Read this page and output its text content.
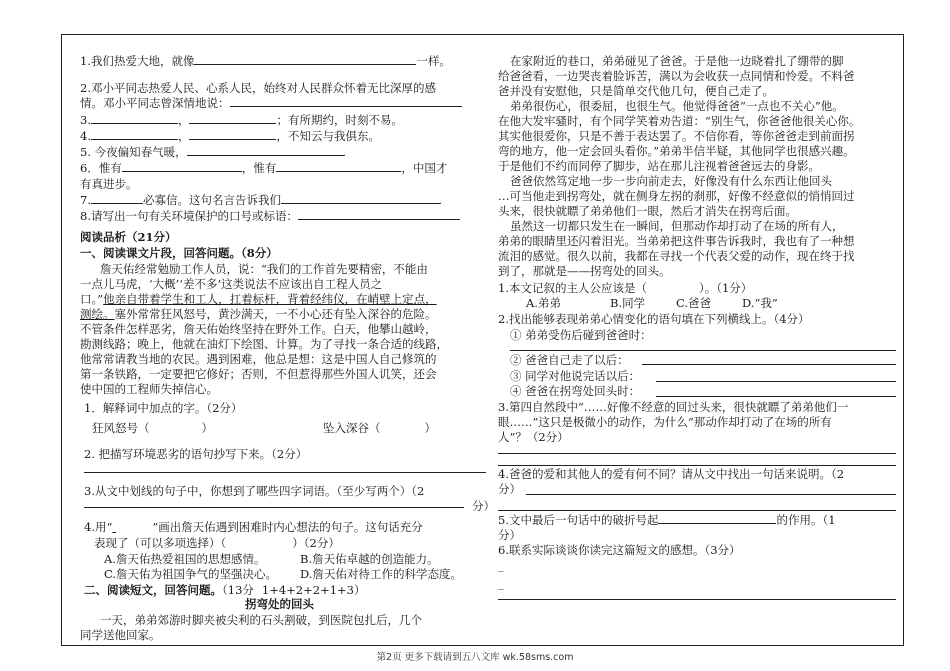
1.我们热爱大地，就像	一样。
2.邓小平同志热爱人民、心系人民，始终对人民群众怀着无比深厚的感
情。邓小平同志曾深情地说：
3.	，	；有所期约，时刻不易。
4.	，	，不知云与我俱东。
5. 今夜偏知春气暖，
6．惟有	，惟有	，中国才
有真进步。
7.	必寡信。这句名言告诉我们
8.请写出一句有关环境保护的口号或标语：
阅读品析（21分）
一、阅读课文片段，回答问题。（8分）
詹天佑经常勉励工作人员，说：“我们的工作首先要精密，不能由
一点儿马虎，‘大概’‘差不多’这类说法不应该出自工程人员之
口。”他亲自带着学生和工人，扛着标杆，背着经纬仪，在峭壁上定点，
测绘。塞外常常狂风怒号，黄沙满天，一不小心还有坠入深谷的危险。
不管条件怎样恶劣，詹天佑始终坚持在野外工作。白天，他攀山越岭，
勘测线路；晚上，他就在油灯下绘图、计算。为了寻找一条合适的线路，
他常常请教当地的农民。遇到困难，他总是想：这是中国人自己修筑的
第一条铁路，一定要把它修好；否则，不但惹得那些外国人讥笑，还会
使中国的工程师失掉信心。
1．解释词中加点的字。（2分）
狂风怒号（	）	坠入深谷（	）
2. 把描写环境恶劣的语句抄写下来。（2分）
3.从文中划线的句子中，你想到了哪些四字词语。（至少写两个）（2
分）
4.用“	”画出詹天佑遇到困难时内心想法的句子。这句话充分
表现了（可以多项选择）（	）（2分）
A.詹天佑热爱祖国的思想感情。	B.詹天佑卓越的创造能力。
C.詹天佑为祖国争气的坚强决心。 D.詹天佑对待工作的科学态度。
二、阅读短文，回答问题。（13分 1+4+2+2+1+3）
拐弯处的回头
一天，弟弟郊游时脚夹被尖利的石头割破，到医院包扎后，几个
同学送他回家。
在家附近的巷口，弟弟碰见了爸爸。于是他一边晓着扎了绷带的脚
给爸爸看，一边哭丧着脸诉苦，满以为会收获一点同情和怜爱。不料爸
爸并没有安慰他，只是简单交代他几句，便自己走了。
弟弟很伤心，很委屈，也很生气。他觉得爸爸“一点也不关心”他。
在他大发牢骚时，有个同学笑着劝告道：“别生气，你爸爸他很关心你。
其实他很爱你，只是不善于表达罢了。不信你看，等你爸爸走到前面拐
弯的地方，他一定会回头看你。”弟弟半信半疑，其他同学也很感兴趣。
于是他们不约而同停了脚步，站在那儿注视着爸爸远去的身影。
爸爸依然笃定地一步一步向前走去，好像没有什么东西让他回头
…可当他走到拐弯处，就在侧身左拐的刹那，好像不经意似的悄悄回过
头来，很快就瞟了弟弟他们一眼，然后才消失在拐弯后面。
虽然这一切都只发生在一瞬间，但那动作却打动了在场的所有人，
弟弟的眼睛里还闪着泪光。当弟弟把这件事告诉我时，我也有了一种想
流泪的感觉。很久以前，我都在寻找一个代表父爱的动作，现在终于找
到了，那就是——拐弯处的回头。
1.本文记叙的主人公应该是（	）。（1分）
A.弟弟	B.同学	C.爸爸	D.“我”
2.找出能够表现弟弟心情变化的语句填在下列横线上。（4分）
① 弟弟受伤后碰到爸爸时：
② 爸爸自己走了以后：
③ 同学对他说完话以后：
④ 爸爸在拐弯处回头时：
3.第四自然段中“……好像不经意的回过头来，很快就瞟了弟弟他们一
眼……”这只是极微小的动作，为什么“那动作却打动了在场的所有
人”？（2分）
4.爸爸的爱和其他人的爱有何不同？请从文中找出一句话来说明。（2
分）
5.文中最后一句话中的破折号起	的作用。（1
分）
6.联系实际谈谈你读完这篇短文的感想。（3分）
_
_
第2页 更多下载请到五八文库 wk.58sms.com
